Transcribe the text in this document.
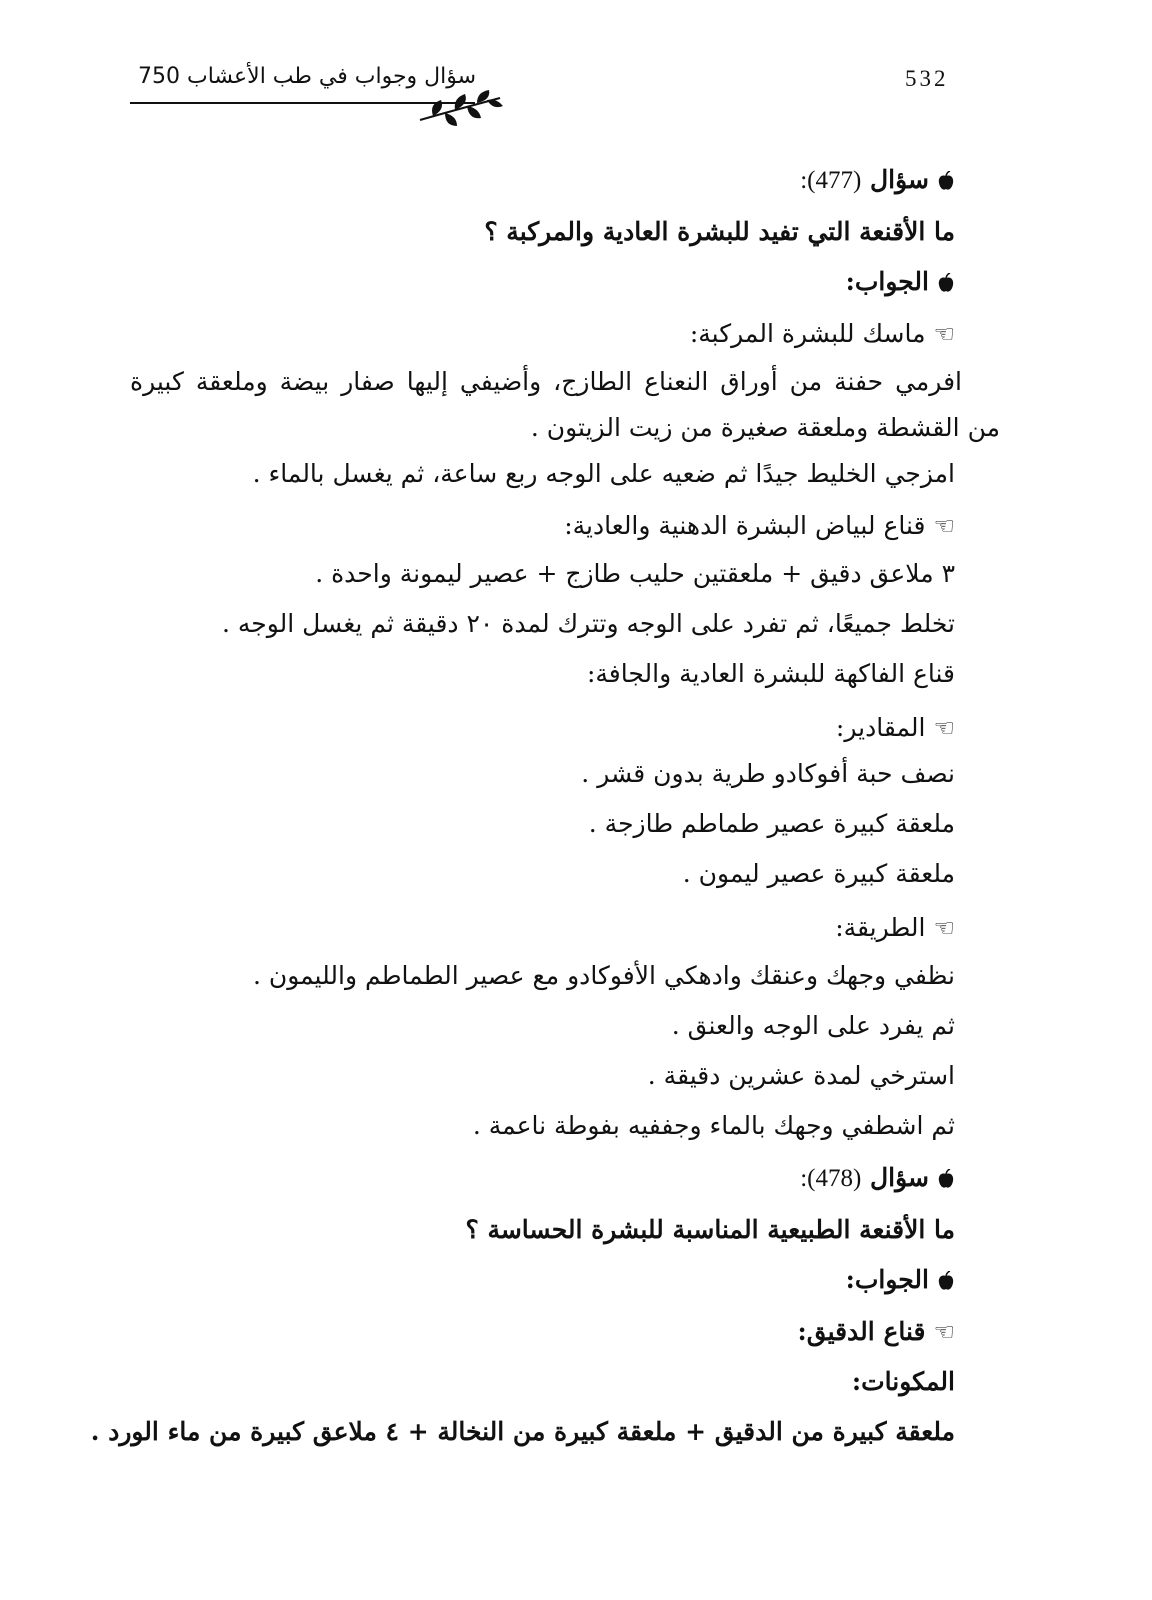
750 سؤال وجواب في طب الأعشاب	532
سؤال (477):
ما الأقنعة التي تفيد للبشرة العادية والمركبة ؟
الجواب:
☜ماسك للبشرة المركبة:
افرمي حفنة من أوراق النعناع الطازج، وأضيفي إليها صفار بيضة وملعقة كبيرة
من القشطة وملعقة صغيرة من زيت الزيتون .
امزجي الخليط جيدًا ثم ضعيه على الوجه ربع ساعة، ثم يغسل بالماء .
☜قناع لبياض البشرة الدهنية والعادية:
٣ ملاعق دقيق + ملعقتين حليب طازج + عصير ليمونة واحدة .
تخلط جميعًا، ثم تفرد على الوجه وتترك لمدة ٢٠ دقيقة ثم يغسل الوجه .
قناع الفاكهة للبشرة العادية والجافة:
☜المقادير:
نصف حبة أفوكادو طرية بدون قشر .
ملعقة كبيرة عصير طماطم طازجة .
ملعقة كبيرة عصير ليمون .
☜الطريقة:
نظفي وجهك وعنقك وادهكي الأفوكادو مع عصير الطماطم والليمون .
ثم يفرد على الوجه والعنق .
استرخي لمدة عشرين دقيقة .
ثم اشطفي وجهك بالماء وجففيه بفوطة ناعمة .
سؤال (478):
ما الأقنعة الطبيعية المناسبة للبشرة الحساسة ؟
الجواب:
☜قناع الدقيق:
المكونات:
ملعقة كبيرة من الدقيق + ملعقة كبيرة من النخالة + ٤ ملاعق كبيرة من ماء الورد .
